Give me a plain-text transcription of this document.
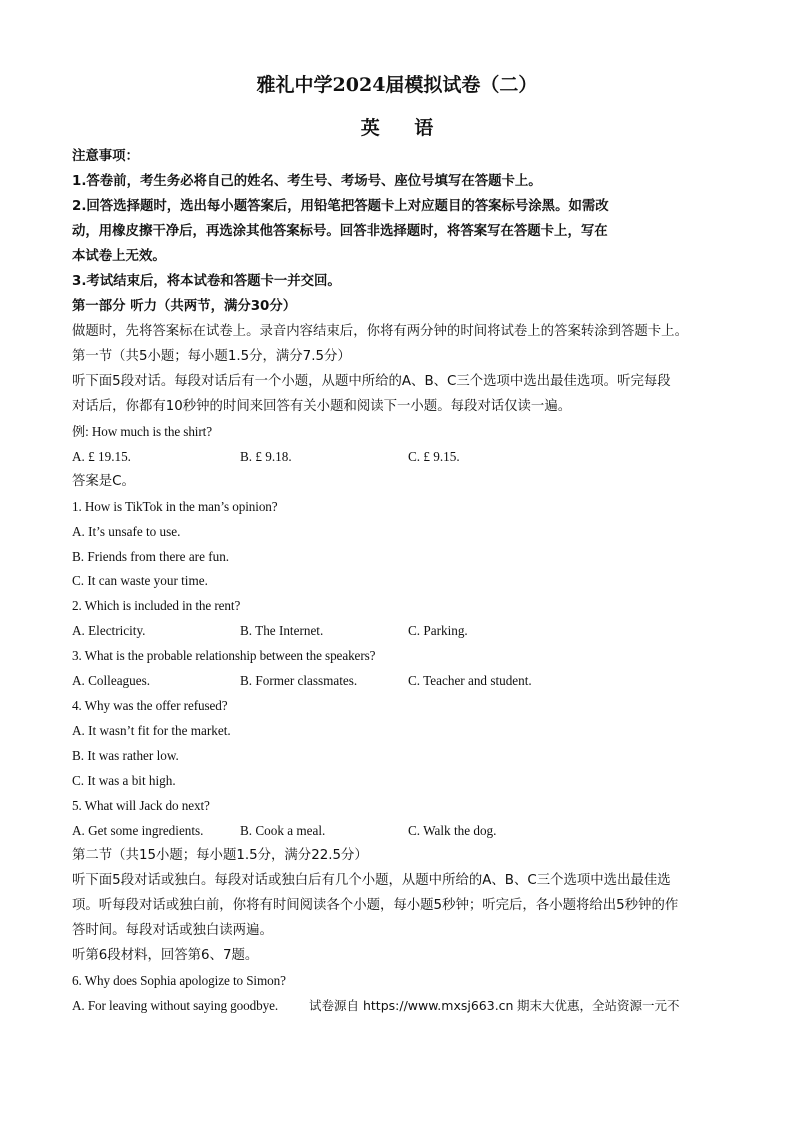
雅礼中学2024届模拟试卷（二）
英 语
注意事项：
1.答卷前，考生务必将自己的姓名、考生号、考场号、座位号填写在答题卡上。
2.回答选择题时，选出每小题答案后，用铅笔把答题卡上对应题目的答案标号涂黑。如需改
动，用橡皮擦干净后，再选涂其他答案标号。回答非选择题时，将答案写在答题卡上，写在
本试卷上无效。
3.考试结束后，将本试卷和答题卡一并交回。
第一部分 听力（共两节，满分30分）
做题时，先将答案标在试卷上。录音内容结束后，你将有两分钟的时间将试卷上的答案转涂到答题卡上。
第一节（共5小题；每小题1.5分，满分7.5分）
听下面5段对话。每段对话后有一个小题，从题中所给的A、B、C三个选项中选出最佳选项。听完每段
对话后，你都有10秒钟的时间来回答有关小题和阅读下一小题。每段对话仅读一遍。
例: How much is the shirt?
A. £ 19.15.	B. £ 9.18.	C. £ 9.15.
答案是C。
1. How is TikTok in the man’s opinion?
A. It’s unsafe to use.
B. Friends from there are fun.
C. It can waste your time.
2. Which is included in the rent?
A. Electricity.	B. The Internet.	C. Parking.
3. What is the probable relationship between the speakers?
A. Colleagues.	B. Former classmates.	C. Teacher and student.
4. Why was the offer refused?
A. It wasn’t fit for the market.
B. It was rather low.
C. It was a bit high.
5. What will Jack do next?
A. Get some ingredients.	B. Cook a meal.	C. Walk the dog.
第二节（共15小题；每小题1.5分，满分22.5分）
听下面5段对话或独白。每段对话或独白后有几个小题，从题中所给的A、B、C三个选项中选出最佳选
项。听每段对话或独白前，你将有时间阅读各个小题，每小题5秒钟；听完后，各小题将给出5秒钟的作
答时间。每段对话或独白读两遍。
听第6段材料，回答第6、7题。
6. Why does Sophia apologize to Simon?
A. For leaving without saying goodbye. 试卷源自 https://www.mxsj663.cn 期末大优惠，全站资源一元不
